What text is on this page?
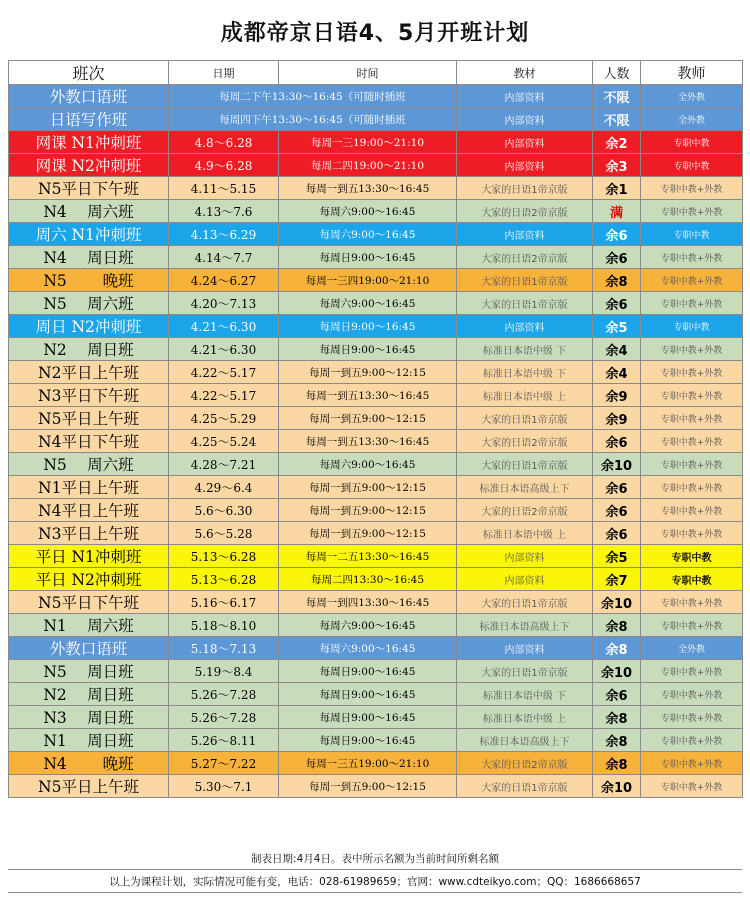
成都帝京日语4、5月开班计划
班次	日期	时间	教材	人数	教师
外教口语班	每周二下午13:30～16:45（可随时插班		内部资料	不限	全外教
日语写作班	每周四下午13:30～16:45（可随时插班		内部资料	不限	全外教
网课 N1冲刺班	4.8～6.28	每周一三19:00～21:10	内部资料	余2	专职中教
网课 N2冲刺班	4.9～6.28	每周二四19:00～21:10	内部资料	余3	专职中教
N5平日下午班	4.11～5.15	每周一到五13:30～16:45	大家的日语1帝京版	余1	专职中教+外教
N4　 周六班	4.13～7.6	每周六9:00～16:45	大家的日语2帝京版	满	专职中教+外教
周六 N1冲刺班	4.13～6.29	每周六9:00～16:45	内部资料	余6	专职中教
N4　 周日班	4.14～7.7	每周日9:00～16:45	大家的日语2帝京版	余6	专职中教+外教
N5　　 晚班	4.24～6.27	每周一三四19:00～21:10	大家的日语1帝京版	余8	专职中教+外教
N5　 周六班	4.20～7.13	每周六9:00～16:45	大家的日语1帝京版	余6	专职中教+外教
周日 N2冲刺班	4.21～6.30	每周日9:00～16:45	内部资料	余5	专职中教
N2　 周日班	4.21～6.30	每周日9:00～16:45	标准日本语中级 下	余4	专职中教+外教
N2平日上午班	4.22～5.17	每周一到五9:00～12:15	标准日本语中级 下	余4	专职中教+外教
N3平日下午班	4.22～5.17	每周一到五13:30～16:45	标准日本语中级 上	余9	专职中教+外教
N5平日上午班	4.25～5.29	每周一到五9:00～12:15	大家的日语1帝京版	余9	专职中教+外教
N4平日下午班	4.25～5.24	每周一到五13:30～16:45	大家的日语2帝京版	余6	专职中教+外教
N5　 周六班	4.28～7.21	每周六9:00～16:45	大家的日语1帝京版	余10	专职中教+外教
N1平日上午班	4.29～6.4	每周一到五9:00～12:15	标准日本语高级上下	余6	专职中教+外教
N4平日上午班	5.6～6.30	每周一到五9:00～12:15	大家的日语2帝京版	余6	专职中教+外教
N3平日上午班	5.6～5.28	每周一到五9:00～12:15	标准日本语中级 上	余6	专职中教+外教
平日 N1冲刺班	5.13～6.28	每周一二五13:30～16:45	内部资料	余5	专职中教
平日 N2冲刺班	5.13～6.28	每周二四13:30～16:45	内部资料	余7	专职中教
N5平日下午班	5.16～6.17	每周一到四13:30～16:45	大家的日语1帝京版	余10	专职中教+外教
N1　 周六班	5.18～8.10	每周六9:00～16:45	标准日本语高级上下	余8	专职中教+外教
外教口语班	5.18～7.13	每周六9:00～16:45	内部资料	余8	全外教
N5　 周日班	5.19～8.4	每周日9:00～16:45	大家的日语1帝京版	余10	专职中教+外教
N2　 周日班	5.26～7.28	每周日9:00～16:45	标准日本语中级 下	余6	专职中教+外教
N3　 周日班	5.26～7.28	每周日9:00～16:45	标准日本语中级 上	余8	专职中教+外教
N1　 周日班	5.26～8.11	每周日9:00～16:45	标准日本语高级上下	余8	专职中教+外教
N4　　 晚班	5.27～7.22	每周一三五19:00～21:10	大家的日语2帝京版	余8	专职中教+外教
N5平日上午班	5.30～7.1	每周一到五9:00～12:15	大家的日语1帝京版	余10	专职中教+外教
制表日期:4月4日。表中所示名额为当前时间所剩名额
以上为课程计划，实际情况可能有变，电话：028-61989659；官网：www.cdteikyo.com；QQ：1686668657
